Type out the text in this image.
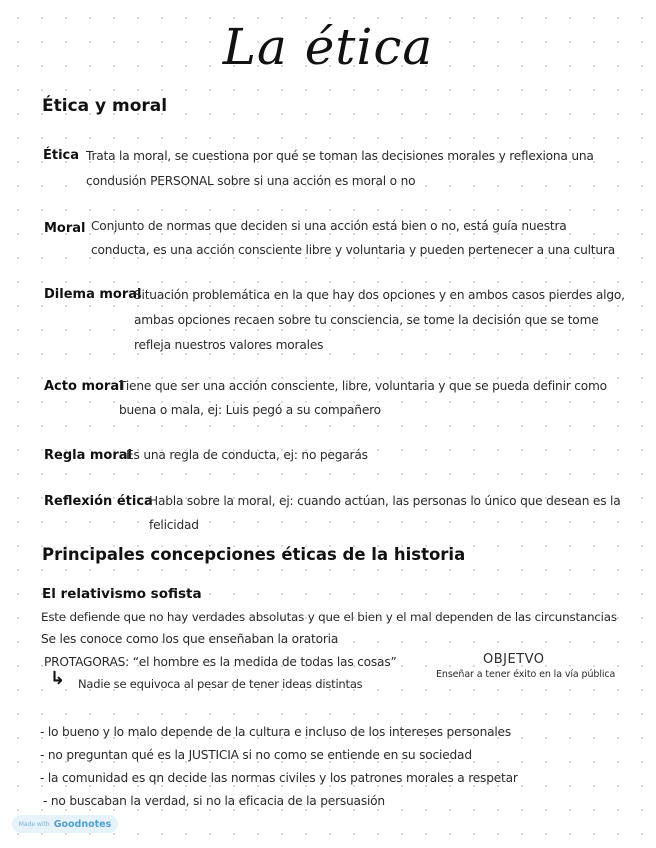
La ética
Ética y moral
Ética Trata la moral, se cuestiona por qué se toman las decisiones morales y reflexiona una
condusión PERSONAL sobre si una acción es moral o no
Moral Conjunto de normas que deciden si una acción está bien o no, está guía nuestra
conducta, es una acción consciente libre y voluntaria y pueden pertenecer a una cultura
Dilema moral
Situación problemática en la que hay dos opciones y en ambos casos pierdes algo,
ambas opciones recaen sobre tu consciencia, se tome la decisión que se tome
refleja nuestros valores morales
Acto moral
Tiene que ser una acción consciente, libre, voluntaria y que se pueda definir como
buena o mala, ej: Luis pegó a su compañero
Regla moral
Es una regla de conducta, ej: no pegarás
Reflexión ética
Habla sobre la moral, ej: cuando actúan, las personas lo único que desean es la
felicidad
Principales concepciones éticas de la historia
El relativismo sofista
Este defiende que no hay verdades absolutas y que el bien y el mal dependen de las circunstancias
Se les conoce como los que enseñaban la oratoria
PROTAGORAS: “el hombre es la medida de todas las cosas”
↳ Nadie se equivoca al pesar de tener ideas distintas
OBJETVO
Enseñar a tener éxito en la vía pública
- lo bueno y lo malo depende de la cultura e incluso de los intereses personales
- no preguntan qué es la JUSTICIA si no como se entiende en su sociedad
- la comunidad es qn decide las normas civiles y los patrones morales a respetar
- no buscaban la verdad, si no la eficacia de la persuasión
Made with Goodnotes
